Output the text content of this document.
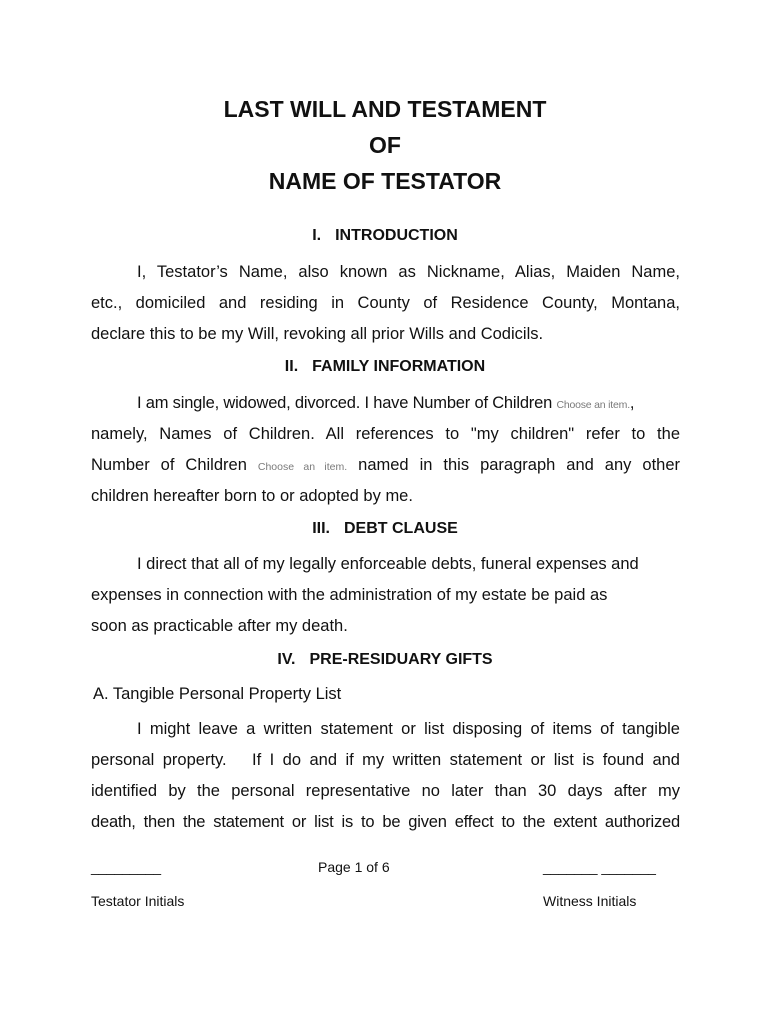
LAST WILL AND TESTAMENT
OF
NAME OF TESTATOR
I. INTRODUCTION
I, Testator’s Name, also known as Nickname, Alias, Maiden Name,
etc., domiciled and residing in County of Residence County, Montana,
declare this to be my Will, revoking all prior Wills and Codicils.
II. FAMILY INFORMATION
I am single, widowed, divorced. I have Number of Children Choose an item.,
namely, Names of Children. All references to "my children" refer to the
Number of Children Choose an item. named in this paragraph and any other
children hereafter born to or adopted by me.
III. DEBT CLAUSE
I direct that all of my legally enforceable debts, funeral expenses and
expenses in connection with the administration of my estate be paid as
soon as practicable after my death.
IV. PRE-RESIDUARY GIFTS
A. Tangible Personal Property List
I might leave a written statement or list disposing of items of tangible
personal property.   If I do and if my written statement or list is found and
identified by the personal representative no later than 30 days after my
death, then the statement or list is to be given effect to the extent authorized
_________	Page 1 of 6	_______ _______
Testator Initials	Witness Initials
